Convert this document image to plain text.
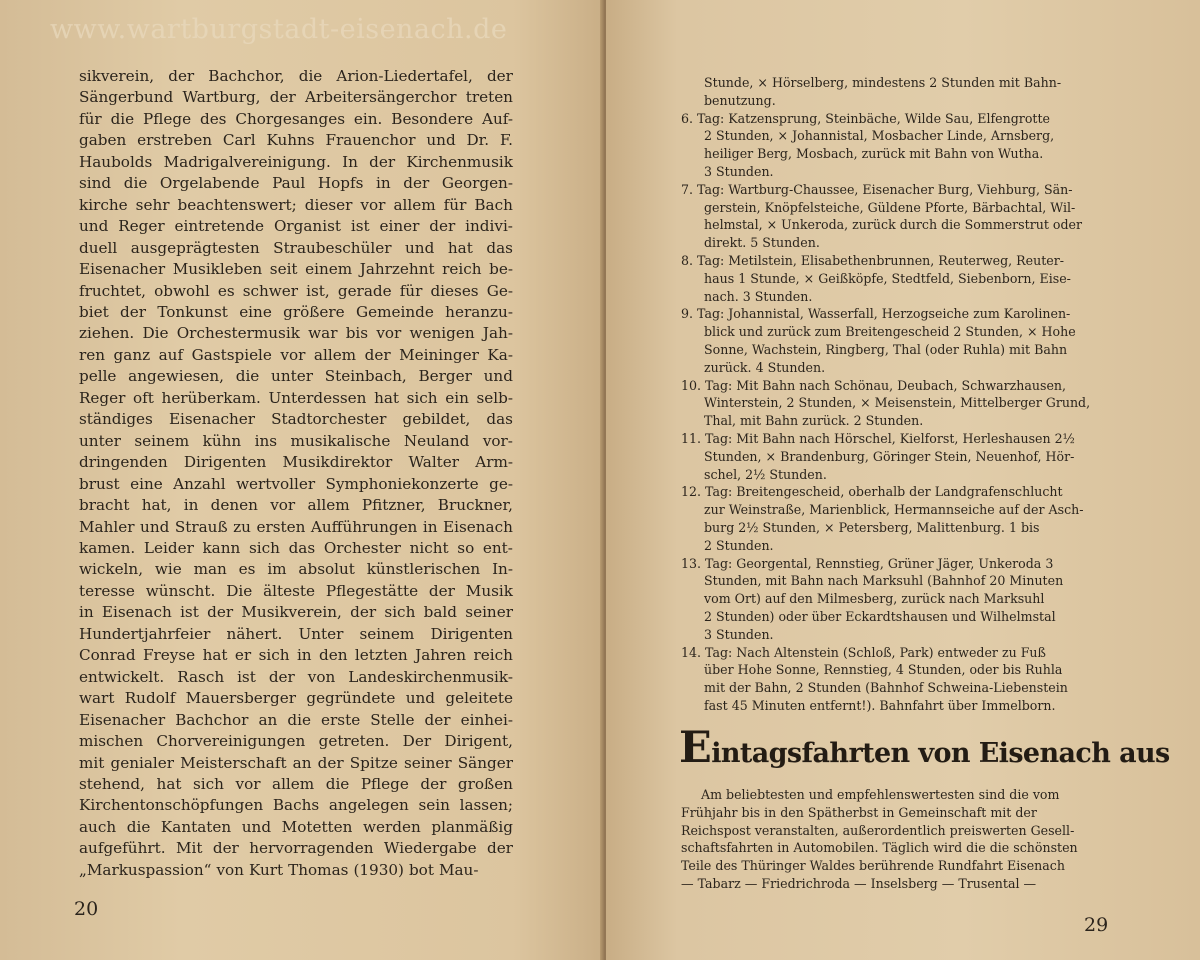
www.wartburgstadt-eisenach.de
sikverein, der Bachchor, die Arion-Liedertafel, der
Sängerbund Wartburg, der Arbeitersängerchor treten
für die Pflege des Chorgesanges ein. Besondere Auf-
gaben erstreben Carl Kuhns Frauenchor und Dr. F.
Haubolds Madrigalvereinigung. In der Kirchenmusik
sind die Orgelabende Paul Hopfs in der Georgen-
kirche sehr beachtenswert; dieser vor allem für Bach
und Reger eintretende Organist ist einer der indivi-
duell ausgeprägtesten Straubeschüler und hat das
Eisenacher Musikleben seit einem Jahrzehnt reich be-
fruchtet, obwohl es schwer ist, gerade für dieses Ge-
biet der Tonkunst eine größere Gemeinde heranzu-
ziehen. Die Orchestermusik war bis vor wenigen Jah-
ren ganz auf Gastspiele vor allem der Meininger Ka-
pelle angewiesen, die unter Steinbach, Berger und
Reger oft herüberkam. Unterdessen hat sich ein selb-
ständiges Eisenacher Stadtorchester gebildet, das
unter seinem kühn ins musikalische Neuland vor-
dringenden Dirigenten Musikdirektor Walter Arm-
brust eine Anzahl wertvoller Symphoniekonzerte ge-
bracht hat, in denen vor allem Pfitzner, Bruckner,
Mahler und Strauß zu ersten Aufführungen in Eisenach
kamen. Leider kann sich das Orchester nicht so ent-
wickeln, wie man es im absolut künstlerischen In-
teresse wünscht. Die älteste Pflegestätte der Musik
in Eisenach ist der Musikverein, der sich bald seiner
Hundertjahrfeier nähert. Unter seinem Dirigenten
Conrad Freyse hat er sich in den letzten Jahren reich
entwickelt. Rasch ist der von Landeskirchenmusik-
wart Rudolf Mauersberger gegründete und geleitete
Eisenacher Bachchor an die erste Stelle der einhei-
mischen Chorvereinigungen getreten. Der Dirigent,
mit genialer Meisterschaft an der Spitze seiner Sänger
stehend, hat sich vor allem die Pflege der großen
Kirchentonschöpfungen Bachs angelegen sein lassen;
auch die Kantaten und Motetten werden planmäßig
aufgeführt. Mit der hervorragenden Wiedergabe der
„Markuspassion“ von Kurt Thomas (1930) bot Mau-
20
Stunde, × Hörselberg, mindestens 2 Stunden mit Bahn-
benutzung.
6. Tag: Katzensprung, Steinbäche, Wilde Sau, Elfengrotte
2 Stunden, × Johannistal, Mosbacher Linde, Arnsberg,
heiliger Berg, Mosbach, zurück mit Bahn von Wutha.
3 Stunden.
7. Tag: Wartburg-Chaussee, Eisenacher Burg, Viehburg, Sän-
gerstein, Knöpfelsteiche, Güldene Pforte, Bärbachtal, Wil-
helmstal, × Unkeroda, zurück durch die Sommerstrut oder
direkt. 5 Stunden.
8. Tag: Metilstein, Elisabethenbrunnen, Reuterweg, Reuter-
haus 1 Stunde, × Geißköpfe, Stedtfeld, Siebenborn, Eise-
nach. 3 Stunden.
9. Tag: Johannistal, Wasserfall, Herzogseiche zum Karolinen-
blick und zurück zum Breitengescheid 2 Stunden, × Hohe
Sonne, Wachstein, Ringberg, Thal (oder Ruhla) mit Bahn
zurück. 4 Stunden.
10. Tag: Mit Bahn nach Schönau, Deubach, Schwarzhausen,
Winterstein, 2 Stunden, × Meisenstein, Mittelberger Grund,
Thal, mit Bahn zurück. 2 Stunden.
11. Tag: Mit Bahn nach Hörschel, Kielforst, Herleshausen 2½
Stunden, × Brandenburg, Göringer Stein, Neuenhof, Hör-
schel, 2½ Stunden.
12. Tag: Breitengescheid, oberhalb der Landgrafenschlucht
zur Weinstraße, Marienblick, Hermannseiche auf der Asch-
burg 2½ Stunden, × Petersberg, Malittenburg. 1 bis
2 Stunden.
13. Tag: Georgental, Rennstieg, Grüner Jäger, Unkeroda 3
Stunden, mit Bahn nach Marksuhl (Bahnhof 20 Minuten
vom Ort) auf den Milmesberg, zurück nach Marksuhl
2 Stunden) oder über Eckardtshausen und Wilhelmstal
3 Stunden.
14. Tag: Nach Altenstein (Schloß, Park) entweder zu Fuß
über Hohe Sonne, Rennstieg, 4 Stunden, oder bis Ruhla
mit der Bahn, 2 Stunden (Bahnhof Schweina-Liebenstein
fast 45 Minuten entfernt!). Bahnfahrt über Immelborn.
Eintagsfahrten von Eisenach aus
Am beliebtesten und empfehlenswertesten sind die vom
Frühjahr bis in den Spätherbst in Gemeinschaft mit der
Reichspost veranstalten, außerordentlich preiswerten Gesell-
schaftsfahrten in Automobilen. Täglich wird die die schönsten
Teile des Thüringer Waldes berührende Rundfahrt Eisenach
— Tabarz — Friedrichroda — Inselsberg — Trusental —
29
